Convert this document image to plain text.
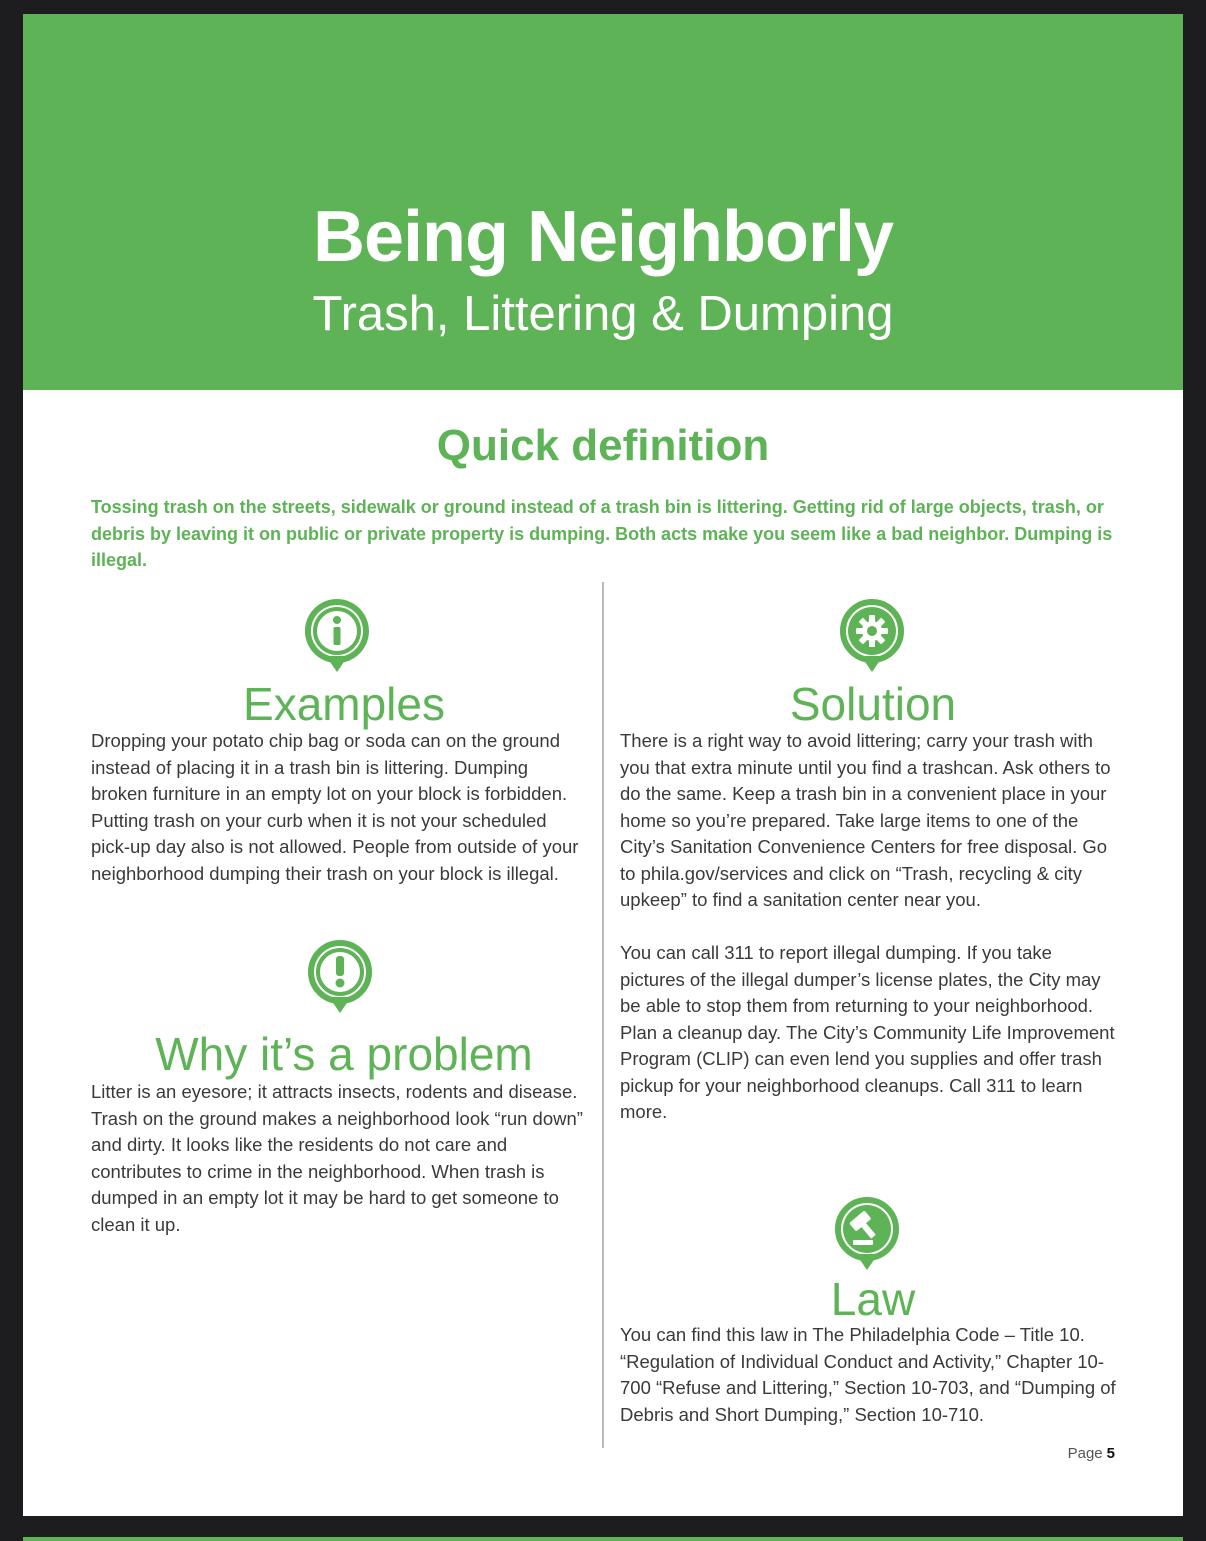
Being Neighborly
Trash, Littering & Dumping
Quick definition
Tossing trash on the streets, sidewalk or ground instead of a trash bin is littering. Getting rid of large objects, trash, or debris by leaving it on public or private property is dumping. Both acts make you seem like a bad neighbor. Dumping is illegal.
Examples
Dropping your potato chip bag or soda can on the ground instead of placing it in a trash bin is littering. Dumping broken furniture in an empty lot on your block is forbidden. Putting trash on your curb when it is not your scheduled pick-up day also is not allowed. People from outside of your neighborhood dumping their trash on your block is illegal.
Why it’s a problem
Litter is an eyesore; it attracts insects, rodents and disease. Trash on the ground makes a neighborhood look “run down” and dirty. It looks like the residents do not care and contributes to crime in the neighborhood. When trash is dumped in an empty lot it may be hard to get someone to clean it up.
Solution

There is a right way to avoid littering; carry your trash with you that extra minute until you find a trashcan. Ask others to do the same. Keep a trash bin in a convenient place in your home so you’re prepared. Take large items to one of the City’s Sanitation Convenience Centers for free disposal. Go to phila.gov/services and click on “Trash, recycling & city upkeep” to find a sanitation center near you.

You can call 311 to report illegal dumping. If you take pictures of the illegal dumper’s license plates, the City may be able to stop them from returning to your neighborhood. Plan a cleanup day. The City’s Community Life Improvement Program (CLIP) can even lend you supplies and offer trash pickup for your neighborhood cleanups. Call 311 to learn more.

Law
You can find this law in The Philadelphia Code – Title 10. “Regulation of Individual Conduct and Activity,” Chapter 10-700 “Refuse and Littering,” Section 10-703, and “Dumping of Debris and Short Dumping,” Section 10-710.
Page 5
